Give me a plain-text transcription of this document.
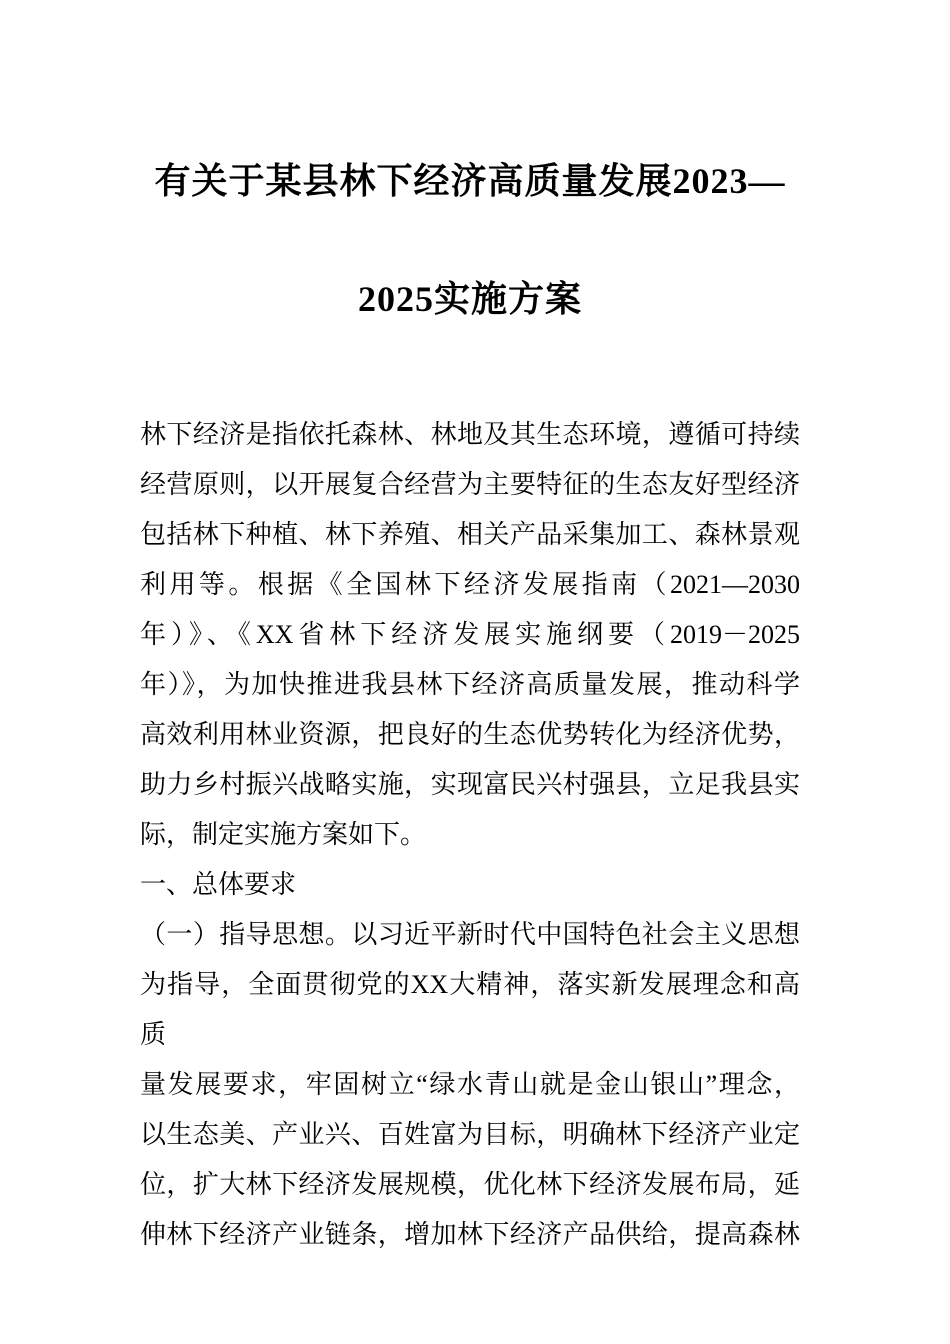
有关于某县林下经济高质量发展2023—
2025实施方案
林下经济是指依托森林、林地及其生态环境，遵循可持续
经营原则，以开展复合经营为主要特征的生态友好型经济
包括林下种植、林下养殖、相关产品采集加工、森林景观
利用等。根据《全国林下经济发展指南（2021—2030
年）》、《XX省林下经济发展实施纲要（2019－2025
年）》，为加快推进我县林下经济高质量发展，推动科学
高效利用林业资源，把良好的生态优势转化为经济优势，
助力乡村振兴战略实施，实现富民兴村强县，立足我县实
际，制定实施方案如下。
一、总体要求
（一）指导思想。以习近平新时代中国特色社会主义思想
为指导，全面贯彻党的XX大精神，落实新发展理念和高质
量发展要求，牢固树立“绿水青山就是金山银山”理念，
以生态美、产业兴、百姓富为目标，明确林下经济产业定
位，扩大林下经济发展规模，优化林下经济发展布局，延
伸林下经济产业链条，增加林下经济产品供给，提高森林
